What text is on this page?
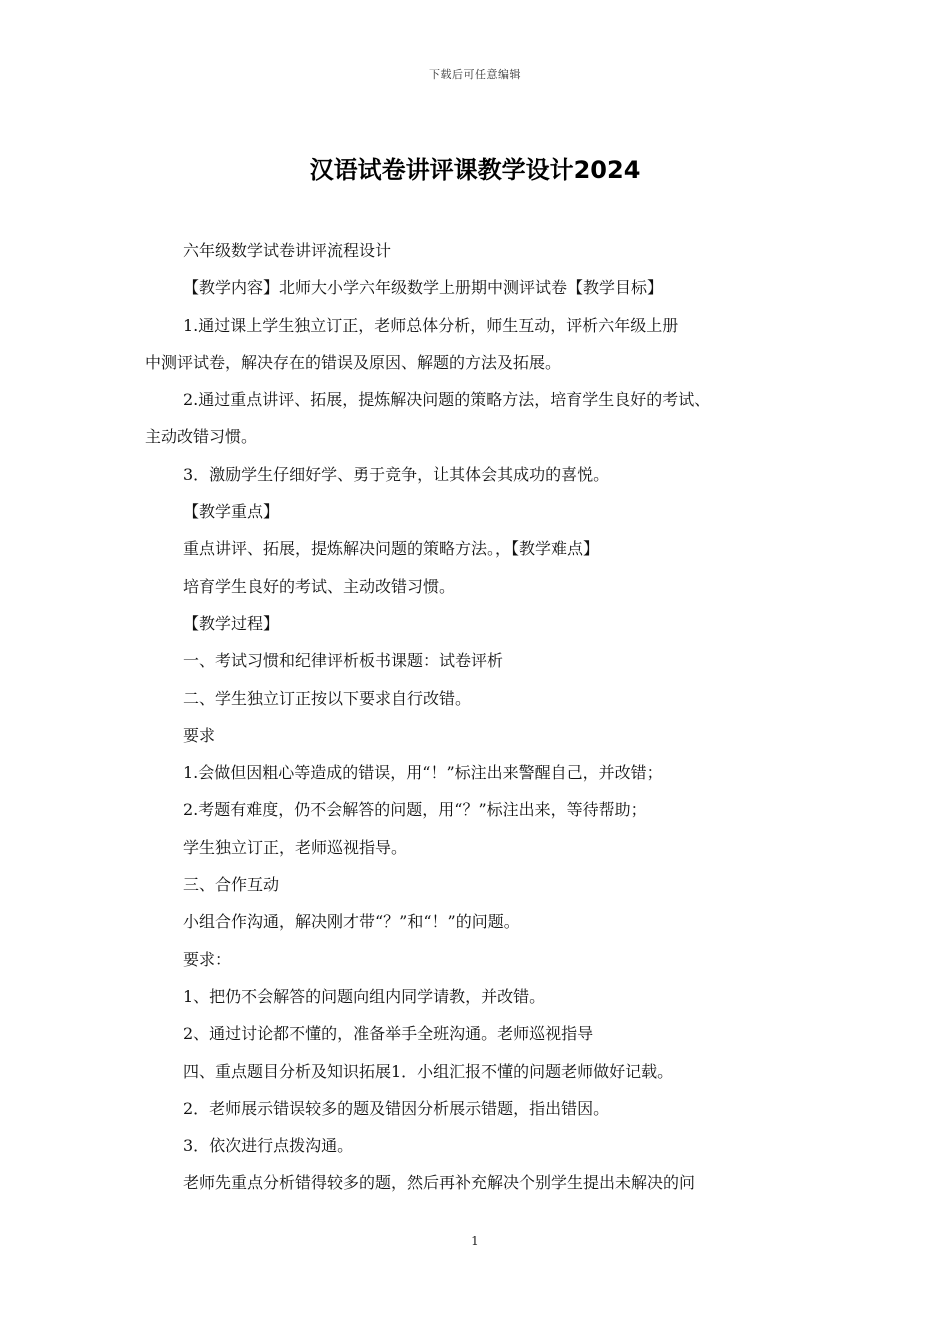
下载后可任意编辑
汉语试卷讲评课教学设计2024
六年级数学试卷讲评流程设计
【教学内容】北师大小学六年级数学上册期中测评试卷【教学目标】
1.通过课上学生独立订正，老师总体分析，师生互动，评析六年级上册
中测评试卷，解决存在的错误及原因、解题的方法及拓展。
2.通过重点讲评、拓展，提炼解决问题的策略方法，培育学生良好的考试、
主动改错习惯。
3．激励学生仔细好学、勇于竞争，让其体会其成功的喜悦。
【教学重点】
重点讲评、拓展，提炼解决问题的策略方法。，【教学难点】
培育学生良好的考试、主动改错习惯。
【教学过程】
一、考试习惯和纪律评析板书课题：试卷评析
二、学生独立订正按以下要求自行改错。
要求
1.会做但因粗心等造成的错误，用“！”标注出来警醒自己，并改错；
2.考题有难度，仍不会解答的问题，用“？”标注出来，等待帮助；
学生独立订正，老师巡视指导。
三、合作互动
小组合作沟通，解决刚才带“？”和“！”的问题。
要求：
1、把仍不会解答的问题向组内同学请教，并改错。
2、通过讨论都不懂的，准备举手全班沟通。老师巡视指导
四、重点题目分析及知识拓展1．小组汇报不懂的问题老师做好记载。
2．老师展示错误较多的题及错因分析展示错题，指出错因。
3．依次进行点拨沟通。
老师先重点分析错得较多的题，然后再补充解决个别学生提出未解决的问
1
